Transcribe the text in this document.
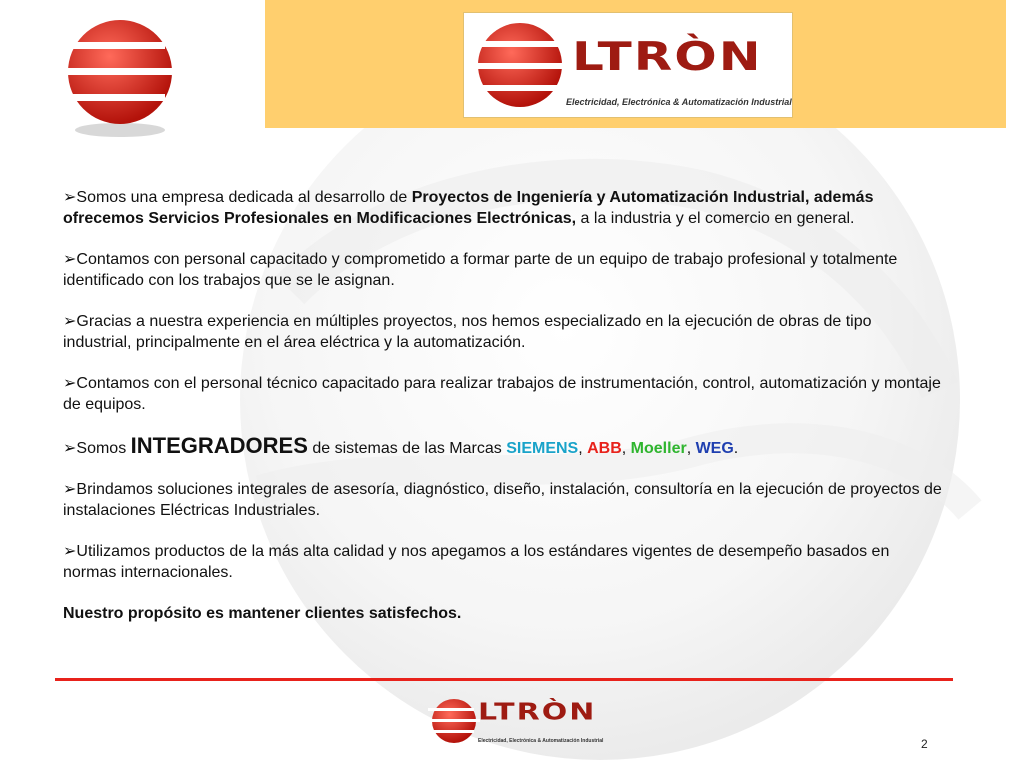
LTRÒN
Electricidad, Electrónica & Automatización Industrial

➢Somos una empresa dedicada al desarrollo de Proyectos de Ingeniería y Automatización Industrial, además ofrecemos Servicios Profesionales en Modificaciones Electrónicas, a la industria y el comercio en general.

➢Contamos con personal capacitado y comprometido a formar parte de un equipo de trabajo profesional y totalmente identificado con los trabajos que se le asignan.

➢Gracias a nuestra experiencia en múltiples proyectos, nos hemos especializado en la ejecución de obras de tipo industrial, principalmente en el área eléctrica y la automatización.

➢Contamos con el personal técnico capacitado para realizar trabajos de instrumentación, control, automatización y montaje de equipos.

➢Somos INTEGRADORES de sistemas de las Marcas SIEMENS, ABB, Moeller, WEG.

➢Brindamos soluciones integrales de asesoría, diagnóstico, diseño, instalación, consultoría en la ejecución de proyectos de instalaciones Eléctricas Industriales.

➢Utilizamos productos de la más alta calidad y nos apegamos a los estándares vigentes de desempeño basados en normas internacionales.

Nuestro propósito es mantener clientes satisfechos.

LTRÒN
Electricidad, Electrónica & Automatización Industrial	2
